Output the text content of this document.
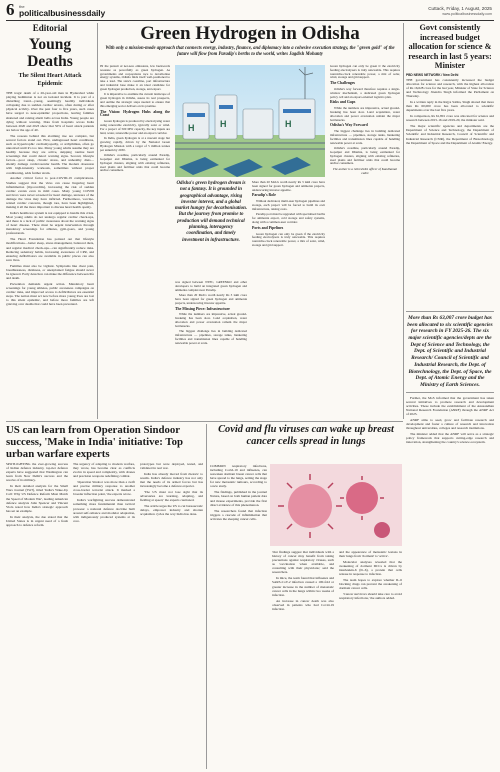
6 the
politicalbusinessdaily	Cuttack, Friday, 1 August, 2025
www.politicalbusinessdaily.com
Editorial
Young Deaths
The Silent Heart Attack Epidemic

THE tragic death of a 26-year-old man in Hyderabad while playing badminton is not an isolated incident. It is part of a disturbing trend—young, seemingly healthy individuals collapsing due to sudden cardiac arrests, often during or after physical activity. Over the past four to five years, such cases have surged to near-epidemic proportions, leaving families shattered and raising alarm bells across India. Young people are dying without warning. Data from hospitals across India between 2020 and 2023 show that 50% of heart attack patients are below the age of 40.

The reasons behind this alarming rise are complex, but several factors stand out. First, undiagnosed heart conditions, such as hypertrophic cardiomyopathy, or arrhythmias, often go unnoticed until it's too late. Many young adults assume they are healthy because they are active, skipping routine heart screenings that could detect warning signs. Second, lifestyle factors—poor sleep, chronic stress, and unhealthy diets—silently damage cardiovascular health. The modern obsession with high-intensity workouts, sometimes without proper conditioning, adds further strain.

Another critical factor is post-COVID-19 complications. Studies suggest that the virus can cause lingering heart inflammation (myocarditis), increasing the risk of sudden cardiac events even in mild cases. Many young COVID survivors were never screened for heart damage, unaware of the damage the virus may have inflicted. Furthermore, vaccine-related cardiac concerns, though rare, have been highlighted, making it all the more important to discuss heart health openly.

India's healthcare system is not equipped to handle this crisis. Most young adults do not undergo regular cardiac check-ups, and there is a lack of public awareness about the warning signs of heart disease. There must be urgent intervention through mandatory screenings for athletes, gym-goers, and young professionals.

The Heart Foundation has pointed out that lifestyle modifications—better sleep, stress management, balanced diets, and regular medical check-ups—can significantly reduce risks. Reducing sedentary habits, increasing awareness of CPR, and ensuring defibrillators are available in public places can also save lives.

Families must also be vigilant. Symptoms like chest pain, breathlessness, dizziness, or unexplained fatigue should never be ignored. Early detection can make the difference between life and death.

Prevention demands urgent action. Mandatory heart screenings for young athletes, public awareness campaigns on cardiac risks, and improved access to defibrillators are essential steps. The nation must act now before more young lives are lost to this silent epidemic, and before more families are left grieving over deaths that could have been prevented.

Green Hydrogen in Odisha
With only a mission-mode approach that connects energy, industry, finance, and diplomacy into a cohesive execution strategy, the "green gold" of the future will flow from Paradip's berths to the world, writes Jagdish Mohanty

IN the pursuit of net-zero emissions, few buzzwords resonate as powerfully as green hydrogen. As governments and corporations race to decarbonise energy systems, Odisha finds itself well-positioned to take a lead. The state's coastline, port infrastructure and industrial base make it an ideal candidate for green hydrogen production, storage, and export.

It is imperative to examine the current landscape of green hydrogen in Odisha, assess its real prospects, and outline the strategic steps needed to ensure that this emerging sector delivers on its promise.

The Vision: Hydrogen Hubs along the Coast

Green hydrogen is produced by electrolysing water using renewable electricity, typically solar or wind. For a project of 500 MW capacity, the key inputs are land, water, renewable power and an export corridor.

In India, green hydrogen is at a nascent stage but growing rapidly, driven by the National Green Hydrogen Mission with a target of 5 million tonnes per annum by 2030.

Odisha's coastline, particularly around Paradip, Gopalpur and Dhamra, is being earmarked for hydrogen clusters, aligning with existing refineries, steel plants and fertiliser units that could become anchor consumers.

H	H	H
Odisha's green hydrogen dream is not a fantasy. It is grounded in geographical advantage, rising investor interest, and a global market hungry for decarbonisation. But the journey from promise to production will demand technical planning, interagency coordination, and timely investment in infrastructure.

was signed between NTPC, GREENKO and other developers to build an integrated green hydrogen and ammonia complex near Paradip.

More than 20 MoUs worth nearly Rs 3 lakh crore have been signed for green hydrogen and ammonia projects, underscoring investor appetite.

The Missing Piece: Infrastructure

While the numbers are impressive, actual ground-breaking has been slow. Land acquisition, water allocation and power evacuation remain the major bottlenecks.

The biggest challenge lies in building dedicated infrastructure — pipelines, storage tanks, bunkering facilities and transmission lines capable of handling renewable power at scale.

More than 20 MoUs worth nearly Rs 3 lakh crore have been signed for green hydrogen and ammonia projects, underscoring investor appetite.

Paradip's Role

Without dedicated, multi-user hydrogen pipelines and storage, each project will be forced to build its own infrastructure, raising costs.

Paradip port must be upgraded with specialised berths for ammonia export, cold storage and safety systems, along with a common-user corridor.

Ports and Pipelines

Green hydrogen can only be green if the electricity feeding electrolysers is truly renewable. This requires round-the-clock renewable power, a mix of solar, wind, storage and grid support.

Green hydrogen can only be green if the electricity feeding electrolysers is truly renewable. This requires round-the-clock renewable power, a mix of solar, wind, storage and grid support.

The Challenges

Odisha's way forward therefore requires a single-window mechanism, a dedicated green hydrogen policy cell and an export-oriented logistics plan.

Risks and Gaps

While the numbers are impressive, actual ground-breaking has been slow. Land acquisition, water allocation and power evacuation remain the major bottlenecks.

Odisha's Way Forward

The biggest challenge lies in building dedicated infrastructure — pipelines, storage tanks, bunkering facilities and transmission lines capable of handling renewable power at scale.

Odisha's coastline, particularly around Paradip, Gopalpur and Dhamra, is being earmarked for hydrogen clusters, aligning with existing refineries, steel plants and fertiliser units that could become anchor consumers.

The author is a retired IAS officer of Kandhamal cadre
Govt consistently increased budget allocation for science & research in last 5 years: Minister
PBD NEWS NETWORK / New Delhi

THE government has consistently increased the budget allocation for science and research, with the highest allocation of Rs 16,628 crore for the last year, Minister of State for Science and Technology Jitendra Singh informed the Parliament on Thursday.

In a written reply in the Rajya Sabha, Singh shared that more than Rs 60,000 crore has been allocated to scientific departments over the last five years.

In comparison, Rs 61,801 crore was allocated for science and research between 2015-16 and 2019-20, the minister said.

The major scientific agencies and departments are the Department of Science and Technology, the Department of Scientific and Industrial Research, Council of Scientific and Industrial Research (CSIR), the Department of Biotechnology, the Department of Space and the Department of Atomic Energy.

More than Rs 63,007 crore budget has been allocated to six scientific agencies for research in FY 2025-26. The six major scientific agencies/depts are the Dept of Science and Technology, the Dept. of Scientific and Industrial Research/ Council of Scientific and Industrial Research, the Dept. of Biotechnology, the Dept. of Space, the Dept. of Atomic Energy and the Ministry of Earth Sciences.

Further, the MoS informed that the government has taken several initiatives to promote research and development activities. These include the establishment of the Anusandhan National Research Foundation (ANRF) through the ANRF Act of 2023.

ANRF aims to seed, grow and facilitate research and development and foster a culture of research and innovation throughout universities, colleges and research institutions.

The minister added that the ANRF will serve as a strategic policy framework that supports cutting-edge research and innovation, strengthening the country's science ecosystem.

US can learn from Operation Sindoor success, 'Make in India' initiative: Top urban warfare experts

SPOTLIGHTING the ever-growing success of Indian defence industry, top-tier defence experts have suggested that Washington can learn from New Delhi's success and the resolve of its military.

In their detailed analysis for the Small Wars Journal (SWJ), titled 'India's Wake-Up Call: Why US Defence Reform Must Match the Speed of Modern War', leading American defence analysts John Spencer and Vincent Viola noted how India's strategic approach has set an example.

In their analysis, the duo stated that the United States is in urgent need of a fresh approach to defence reform.

The urgency of adapting to modern warfare, they wrote, has become clear as conflicts evolve in speed and complexity, with drones and precision weapons redefining combat.

'Operation Sindoor was more than a swift and precise military response to another cross-border terrorist attack. It marked a broader inflection point,' the experts wrote.

India's warfighting success demonstrated something more fundamental than tactical prowess: a national defence doctrine built around self-reliance and modular adaptation, with indigenously produced systems at its core.

prototypes but were deployed, tested, and validated in real war.

India has already moved from rhetoric to results. India's defence industry has not only met the needs of its armed forces but has increasingly become a defence exporter.

'The US must not lose sight that its adversaries are learning, adapting, and fielding at speed,' the experts cautioned.

The article urges the US to cut bureaucratic delays, empower industry and shorten acquisition cycles the way India has done.

Covid and flu viruses can wake up breast cancer cells spread in lungs

COMMON respiratory infections, including Covid-19 and influenza, can reawaken dormant breast cancer cells that have spread to the lungs, setting the stage for new metastatic tumours, according to a new study.

The findings, published in the journal Nature, based on both human patient data and mouse experiments, provide the first direct evidence of this phenomenon.

The researchers found that infection triggers a cascade of inflammation that activates the sleeping cancer cells.

'Our findings suggest that individuals with a history of cancer may benefit from taking precautions against respiratory viruses, such as vaccination when available, and consulting with their physicians,' said the researchers.

In mice, the team found that influenza and SARS-CoV-2 infection caused a 100-fold or greater increase in the number of metastatic cancer cells in the lungs within two weeks of infection.

An increase in cancer death was also observed in patients who had Covid-19 infection.

and the appearance of metastatic lesions in their lungs from 'dormant' to 'active'.

Molecular analyses revealed that the awakening of dormant DCCs is driven by interleukin-6 (IL-6), a protein that cells release in response to infection.

The team hopes to explore whether IL-6 blocking drugs can prevent the awakening of dormant cancer cells.

'Cancer survivors should take care to avoid respiratory infections,' the authors added.
